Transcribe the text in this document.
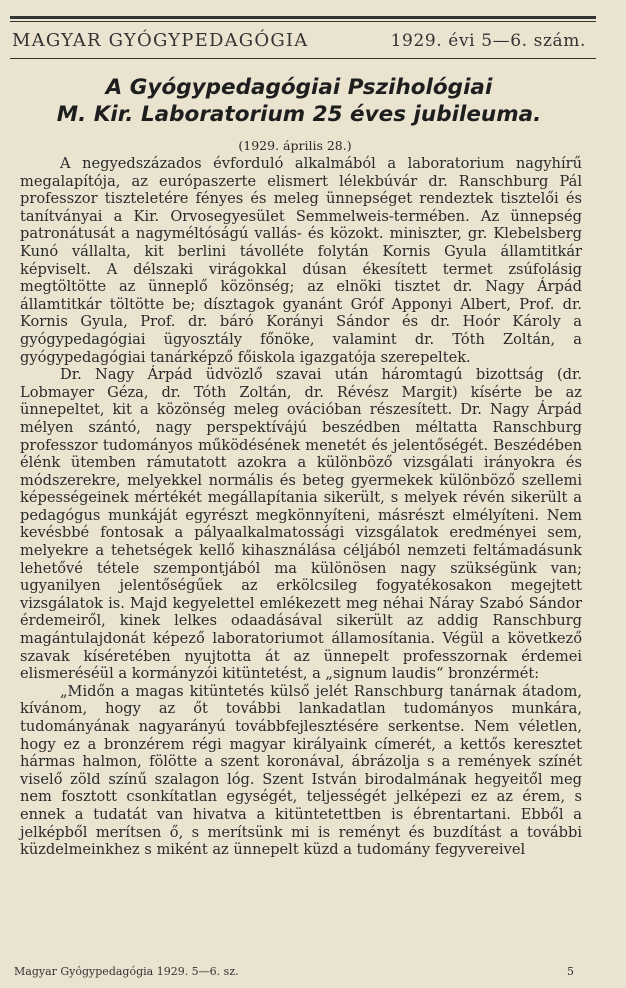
MAGYAR GYÓGYPEDAGÓGIA	1929. évi 5—6. szám.
A Gyógypedagógiai Pszihológiai
M. Kir. Laboratorium 25 éves jubileuma.
(1929. április 28.)

A negyedszázados évforduló alkalmából a laboratorium nagyhírű megalapítója, az európaszerte elismert lélekbúvár dr. Ranschburg Pál professzor tiszteletére fényes és meleg ünnepséget rendeztek tisztelői és tanítványai a Kir. Orvosegyesület Semmelweis-termében. Az ünnepség patronátusát a nagyméltóságú vallás- és közokt. miniszter, gr. Klebelsberg Kunó vállalta, kit berlini távolléte folytán Kornis Gyula államtitkár képviselt. A délszaki virágokkal dúsan ékesített termet zsúfolásig megtöltötte az ünneplő közönség; az elnöki tisztet dr. Nagy Árpád államtitkár töltötte be; dísztagok gyanánt Gróf Apponyi Albert, Prof. dr. Kornis Gyula, Prof. dr. báró Korányi Sándor és dr. Hoór Károly a gyógypedagógiai ügyosztály főnöke, valamint dr. Tóth Zoltán, a gyógypedagógiai tanárképző főiskola igazgatója szerepeltek.

Dr. Nagy Árpád üdvözlő szavai után háromtagú bizottság (dr. Lobmayer Géza, dr. Tóth Zoltán, dr. Révész Margit) kísérte be az ünnepeltet, kit a közönség meleg ovációban részesített. Dr. Nagy Árpád mélyen szántó, nagy perspektívájú beszédben méltatta Ranschburg professzor tudományos működésének menetét és jelentőségét. Beszédében élénk ütemben rámutatott azokra a különböző vizsgálati irányokra és módszerekre, melyekkel normális és beteg gyermekek különböző szellemi képességeinek mértékét megállapítania sikerült, s melyek révén sikerült a pedagógus munkáját egyrészt megkönnyíteni, másrészt elmélyíteni. Nem kevésbbé fontosak a pályaalkalmatossági vizsgálatok eredményei sem, melyekre a tehetségek kellő kihasználása céljából nemzeti feltámadásunk lehetővé tétele szempontjából ma különösen nagy szükségünk van; ugyanilyen jelentőségűek az erkölcsileg fogyatékosakon megejtett vizsgálatok is. Majd kegyelettel emlékezett meg néhai Náray Szabó Sándor érdemeiről, kinek lelkes odaadásával sikerült az addig Ranschburg magántulajdonát képező laboratoriumot államosítania. Végül a következő szavak kíséretében nyujtotta át az ünnepelt professzornak érdemei elismeréséül a kormányzói kitüntetést, a „signum laudis“ bronzérmét:

„Midőn a magas kitüntetés külső jelét Ranschburg tanárnak átadom, kívánom, hogy az őt további lankadatlan tudományos munkára, tudományának nagyarányú továbbfejlesztésére serkentse. Nem véletlen, hogy ez a bronzérem régi magyar királyaink címerét, a kettős keresztet hármas halmon, fölötte a szent koronával, ábrázolja s a remények színét viselő zöld színű szalagon lóg. Szent István birodalmának hegyeitől meg nem fosztott csonkítatlan egységét, teljességét jelképezi ez az érem, s ennek a tudatát van hivatva a kitüntetettben is ébrentartani. Ebből a jelképből merítsen ő, s merítsünk mi is reményt és buzdítást a további küzdelmeinkhez s miként az ünnepelt küzd a tudomány fegyvereivel

Magyar Gyógypedagógia 1929. 5—6. sz.	5
